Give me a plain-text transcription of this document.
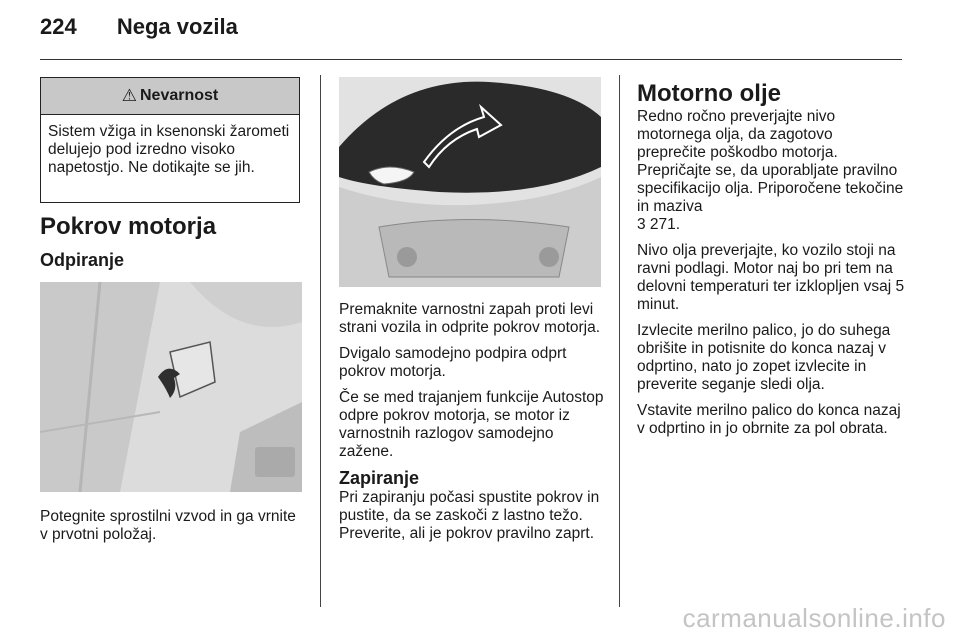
224 Nega vozila
⚠ Nevarnost
Sistem vžiga in ksenonski žarometi delujejo pod izredno visoko napetostjo. Ne dotikajte se jih.
Pokrov motorja
Odpiranje
Potegnite sprostilni vzvod in ga vrnite v prvotni položaj.

Premaknite varnostni zapah proti levi strani vozila in odprite pokrov motorja.

Dvigalo samodejno podpira odprt pokrov motorja.

Če se med trajanjem funkcije Autostop odpre pokrov motorja, se motor iz varnostnih razlogov samodejno zažene.

Zapiranje
Pri zapiranju počasi spustite pokrov in pustite, da se zaskoči z lastno težo. Preverite, ali je pokrov pravilno zaprt.
Motorno olje

Redno ročno preverjajte nivo motornega olja, da zagotovo preprečite poškodbo motorja. Prepričajte se, da uporabljate pravilno specifikacijo olja. Priporočene tekočine in maziva
3 271.

Nivo olja preverjajte, ko vozilo stoji na ravni podlagi. Motor naj bo pri tem na delovni temperaturi ter izklopljen vsaj 5 minut.

Izvlecite merilno palico, jo do suhega obrišite in potisnite do konca nazaj v odprtino, nato jo zopet izvlecite in preverite seganje sledi olja.

Vstavite merilno palico do konca nazaj v odprtino in jo obrnite za pol obrata.

carmanualsonline.info
